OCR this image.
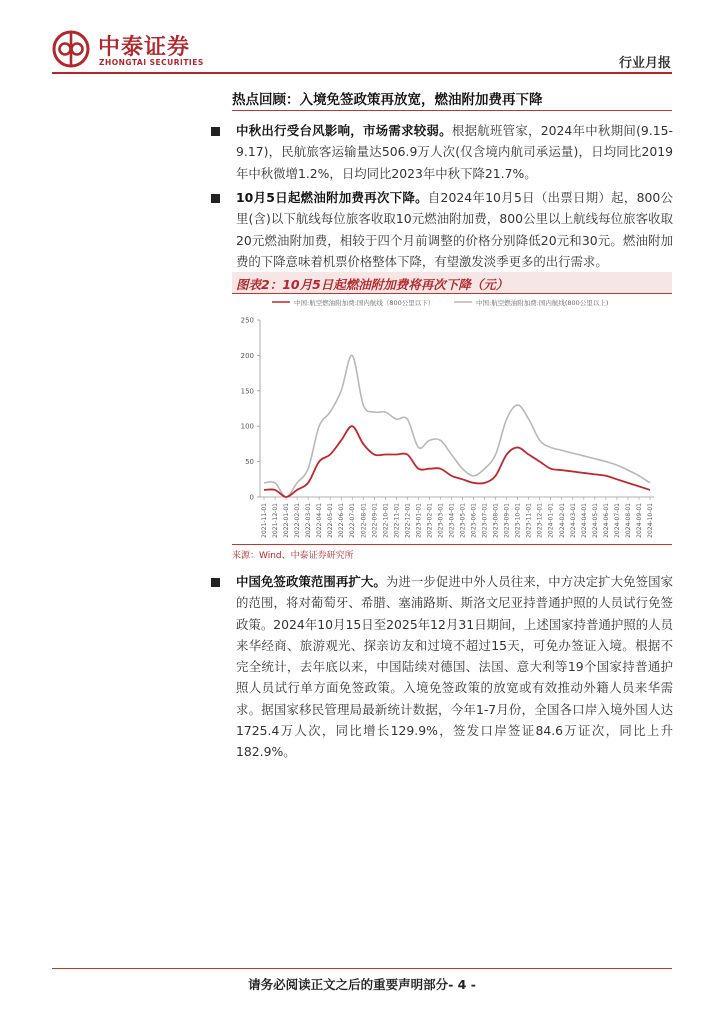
中泰证券
ZHONGTAI SECURITIES	行业月报
热点回顾：入境免签政策再放宽，燃油附加费再下降

中秋出行受台风影响，市场需求较弱。根据航班管家，2024年中秋期间(9.15-9.17)，民航旅客运输量达506.9万人次(仅含境内航司承运量)，日均同比2019年中秋微增1.2%，日均同比2023年中秋下降21.7%。

10月5日起燃油附加费再次下降。自2024年10月5日（出票日期）起，800公里(含)以下航线每位旅客收取10元燃油附加费，800公里以上航线每位旅客收取20元燃油附加费，相较于四个月前调整的价格分别降低20元和30元。燃油附加费的下降意味着机票价格整体下降，有望激发淡季更多的出行需求。

图表2：10月5日起燃油附加费将再次下降（元）
中国:航空燃油附加费:国内航线（800公里以下）	中国:航空燃油附加费:国内航线(800公里以上)
0
50
100
150
200
250
2021-11-01 2021-12-01 2022-01-01 2022-02-01 2022-03-01 2022-04-01 2022-05-01 2022-06-01 2022-07-01 2022-08-01 2022-09-01 2022-10-01 2022-11-01 2022-12-01 2023-01-01 2023-02-01 2023-03-01 2023-04-01 2023-05-01 2023-06-01 2023-07-01 2023-08-01 2023-09-01 2023-10-01 2023-11-01 2023-12-01 2024-01-01 2024-02-01 2024-03-01 2024-04-01 2024-05-01 2024-06-01 2024-07-01 2024-08-01 2024-09-01 2024-10-01
来源：Wind、中泰证券研究所

中国免签政策范围再扩大。为进一步促进中外人员往来，中方决定扩大免签国家的范围，将对葡萄牙、希腊、塞浦路斯、斯洛文尼亚持普通护照的人员试行免签政策。2024年10月15日至2025年12月31日期间，上述国家持普通护照的人员来华经商、旅游观光、探亲访友和过境不超过15天，可免办签证入境。根据不完全统计，去年底以来，中国陆续对德国、法国、意大利等19个国家持普通护照人员试行单方面免签政策。入境免签政策的放宽或有效推动外籍人员来华需求。据国家移民管理局最新统计数据，今年1-7月份，全国各口岸入境外国人达1725.4万人次，同比增长129.9%，签发口岸签证84.6万证次，同比上升182.9%。

请务必阅读正文之后的重要声明部分- 4 -
